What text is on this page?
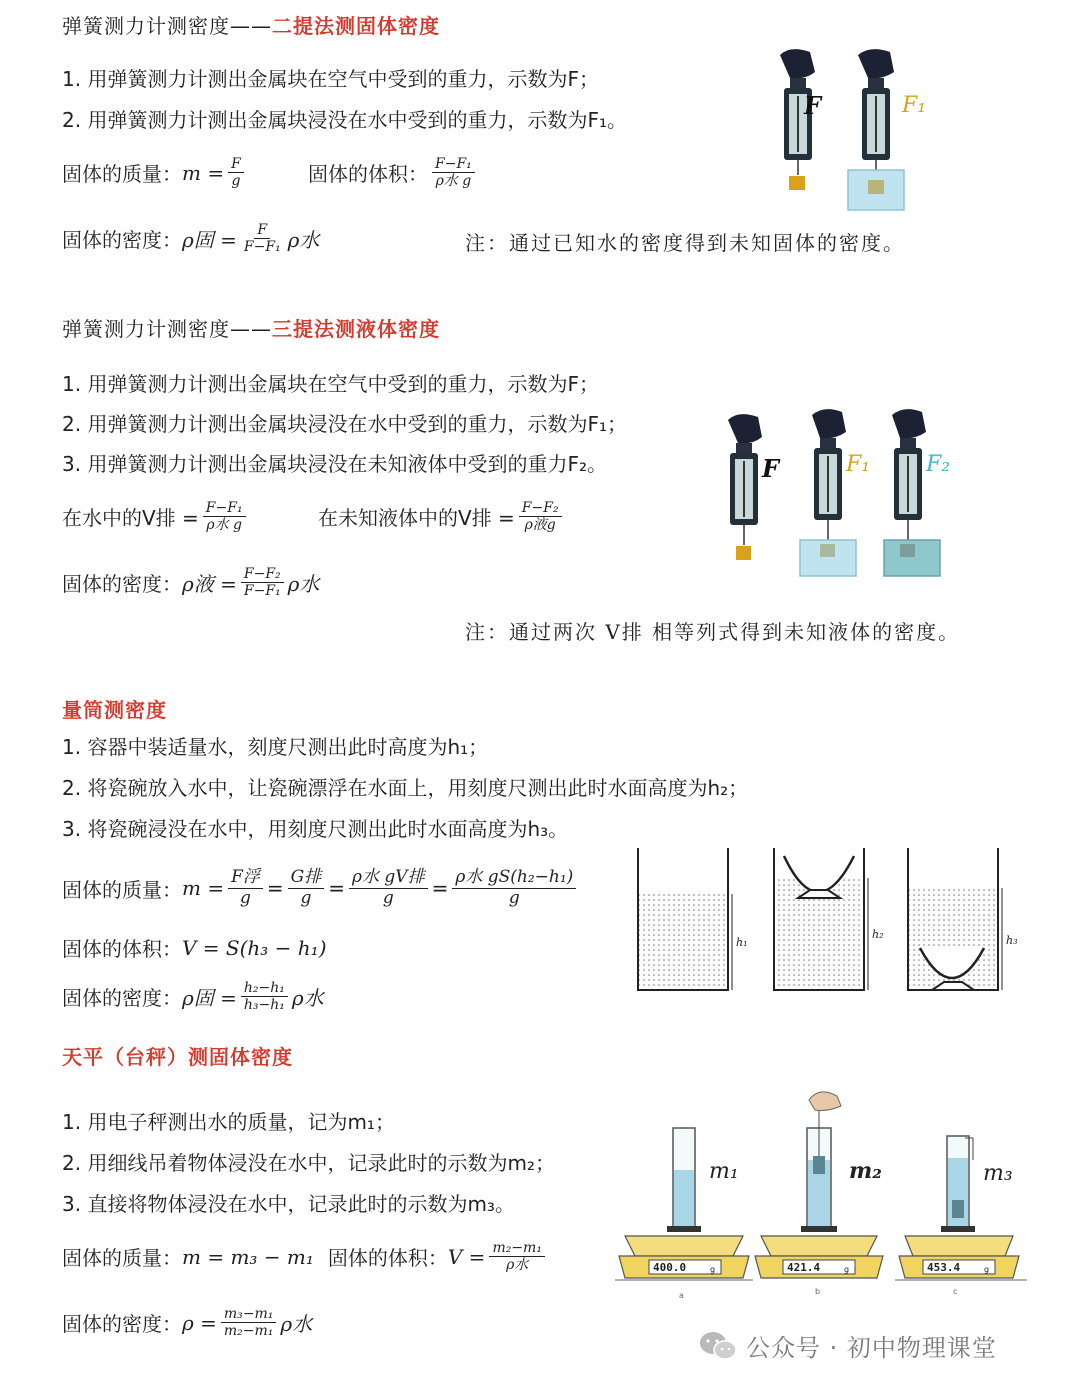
弹簧测力计测密度——二提法测固体密度
1. 用弹簧测力计测出金属块在空气中受到的重力，示数为F；
2. 用弹簧测力计测出金属块浸没在水中受到的重力，示数为F₁。
固体的质量： $m = \frac{F}{g}$	固体的体积： $\frac{\text{F−F₁}}{\text{ρ水 g}}$
固体的密度： ρ固 = $\frac{F}{\text{F−F₁}}$ ρ水	注：通过已知水的密度得到未知固体的密度。
F	F₁
弹簧测力计测密度——三提法测液体密度
1. 用弹簧测力计测出金属块在空气中受到的重力，示数为F；
2. 用弹簧测力计测出金属块浸没在水中受到的重力，示数为F₁；
3. 用弹簧测力计测出金属块浸没在未知液体中受到的重力F₂。
在水中的V排 = $\frac{\text{F−F₁}}{\text{ρ水 g}}$	在未知液体中的V排 = $\frac{\text{F−F₂}}{\text{ρ液g}}$
固体的密度： ρ液 = $\frac{\text{F−F₂}}{\text{F−F₁}}$ ρ水
注：通过两次 V排 相等列式得到未知液体的密度。
F	F₁	F₂
量筒测密度
1. 容器中装适量水，刻度尺测出此时高度为h₁；
2. 将瓷碗放入水中，让瓷碗漂浮在水面上，用刻度尺测出此时水面高度为h₂；
3. 将瓷碗浸没在水中，用刻度尺测出此时水面高度为h₃。
固体的质量： $m = \frac{\text{F浮}}{g} = \frac{\text{G排}}{g} = \frac{\text{ρ水 gV排}}{g} = \frac{\text{ρ水 gS(h₂−h₁)}}{g}$
固体的体积： V = S(h₃ − h₁)
固体的密度： ρ固 = $\frac{\text{h₂−h₁}}{\text{h₃−h₁}}$ ρ水
h₁
h₂	h₃
天平（台秤）测固体密度
1. 用电子秤测出水的质量，记为m₁；
2. 用细线吊着物体浸没在水中，记录此时的示数为m₂；
3. 直接将物体浸没在水中，记录此时的示数为m₃。
固体的质量： m = m₃ − m₁ 固体的体积： $V = \frac{\text{m₂−m₁}}{\text{ρ水}}$
固体的密度： $\rho = \frac{\text{m₃−m₁}}{\text{m₂−m₁}}$ ρ水
400.0	g
m₁
a
421.4	g
m₂
b
453.4	g
m₃
c
公众号 · 初中物理课堂
